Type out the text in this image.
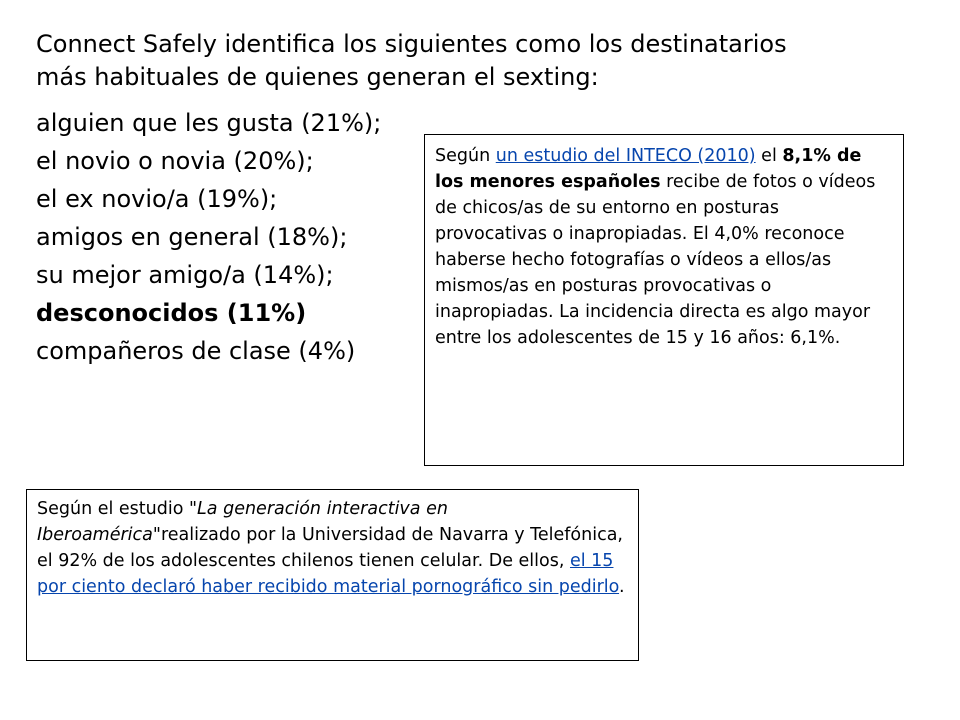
Connect Safely identifica los siguientes como los destinatarios
más habituales de quienes generan el sexting:
alguien que les gusta (21%);
el novio o novia (20%);
el ex novio/a (19%);
amigos en general (18%);
su mejor amigo/a (14%);
desconocidos (11%)
compañeros de clase (4%)
Según un estudio del INTECO (2010) el 8,1% de los menores españoles recibe de fotos o vídeos de chicos/as de su entorno en posturas provocativas o inapropiadas. El 4,0% reconoce haberse hecho fotografías o vídeos a ellos/as mismos/as en posturas provocativas o inapropiadas. La incidencia directa es algo mayor entre los adolescentes de 15 y 16 años: 6,1%.
Según el estudio "La generación interactiva en Iberoamérica"realizado por la Universidad de Navarra y Telefónica, el 92% de los adolescentes chilenos tienen celular. De ellos, el 15 por ciento declaró haber recibido material pornográfico sin pedirlo.
